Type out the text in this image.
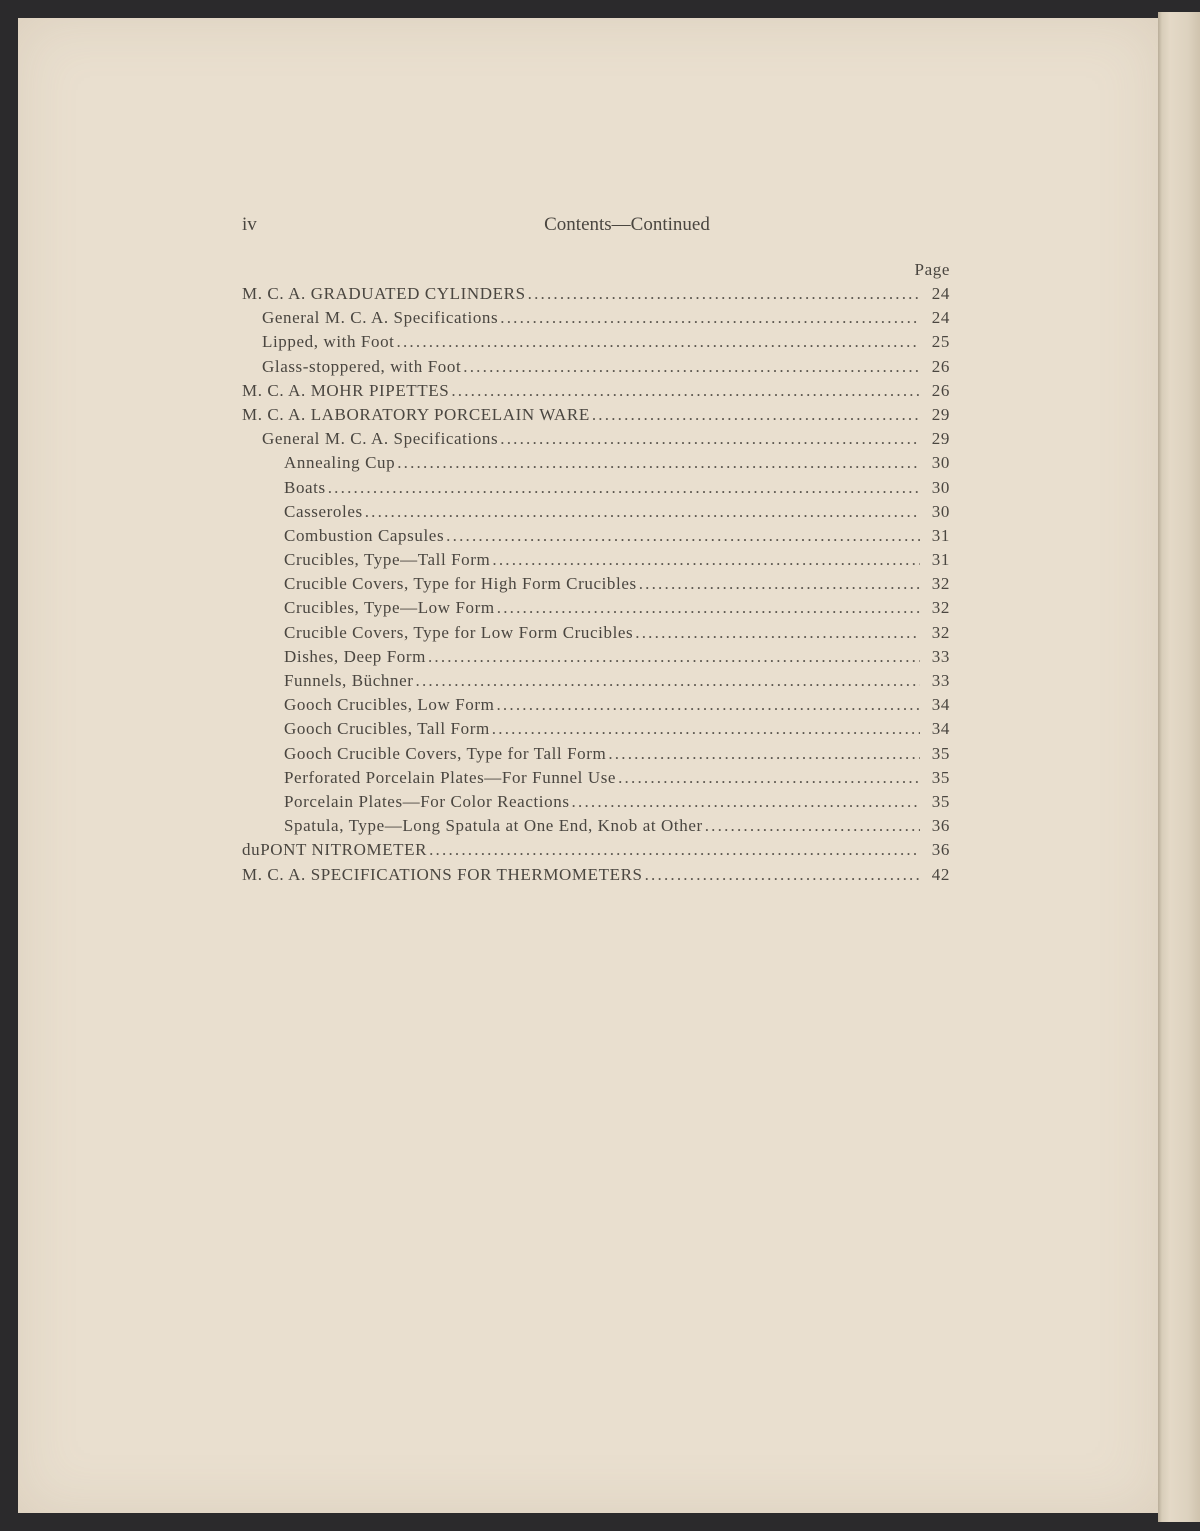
iv	Contents—Continued
Page
M. C. A. GRADUATED CYLINDERS .....	24
General M. C. A. Specifications .....	24
Lipped, with Foot .....	25
Glass-stoppered, with Foot .....	26
M. C. A. MOHR PIPETTES .....	26
M. C. A. LABORATORY PORCELAIN WARE .....	29
General M. C. A. Specifications .....	29
Annealing Cup .....	30
Boats .....	30
Casseroles .....	30
Combustion Capsules .....	31
Crucibles, Type—Tall Form .....	31
Crucible Covers, Type for High Form Crucibles .....	32
Crucibles, Type—Low Form .....	32
Crucible Covers, Type for Low Form Crucibles .....	32
Dishes, Deep Form .....	33
Funnels, Büchner .....	33
Gooch Crucibles, Low Form .....	34
Gooch Crucibles, Tall Form .....	34
Gooch Crucible Covers, Type for Tall Form .....	35
Perforated Porcelain Plates—For Funnel Use .....	35
Porcelain Plates—For Color Reactions .....	35
Spatula, Type—Long Spatula at One End, Knob at Other .....	36
duPONT NITROMETER .....	36
M. C. A. SPECIFICATIONS FOR THERMOMETERS .....	42
